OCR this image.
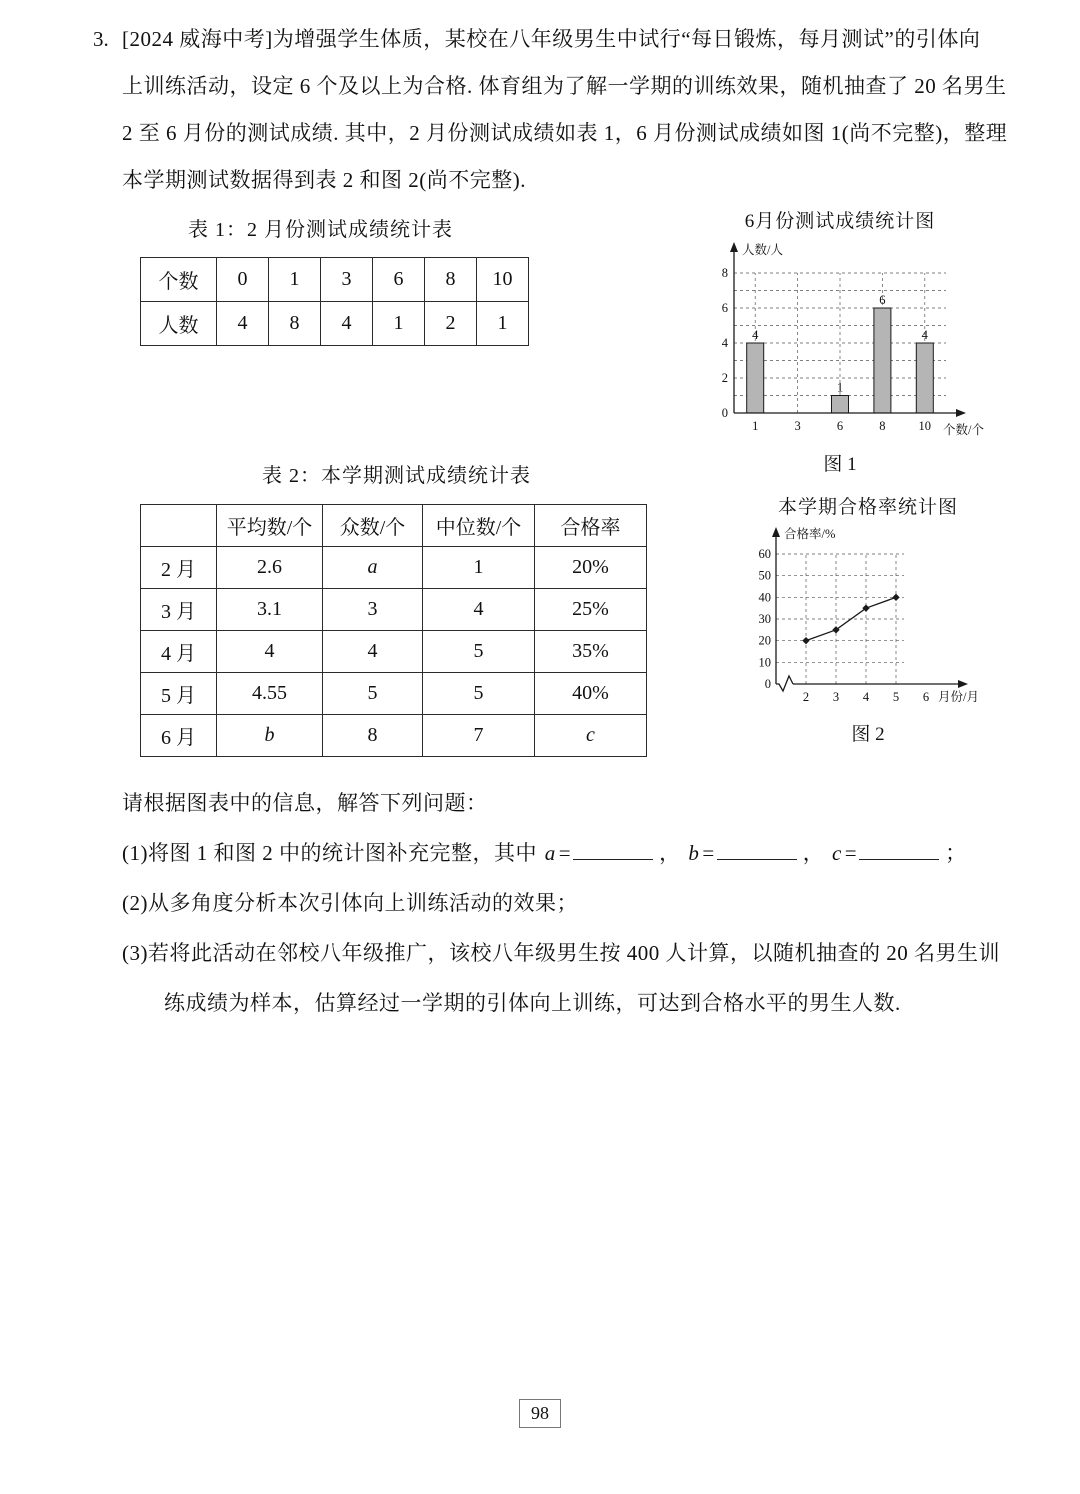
3. [2024 威海中考]为增强学生体质，某校在八年级男生中试行“每日锻炼，每月测试”的引体向
上训练活动，设定 6 个及以上为合格. 体育组为了解一学期的训练效果，随机抽查了 20 名男生
2 至 6 月份的测试成绩. 其中，2 月份测试成绩如表 1，6 月份测试成绩如图 1(尚不完整)，整理
本学期测试数据得到表 2 和图 2(尚不完整).
表 1：2 月份测试成绩统计表
个数	0	1	3	6	8	10
人数	4	8	4	1	2	1
6月份测试成绩统计图
4
1
6
4
0
2
4
6
8
1	3	6	8	10
人数/人
个数/个
图 1
表 2：本学期测试成绩统计表
	平均数/个	众数/个	中位数/个	合格率
2 月	2.6	a	1	20%
3 月	3.1	3	4	25%
4 月	4	4	5	35%
5 月	4.55	5	5	40%
6 月	b	8	7	c
本学期合格率统计图
0
10
20
30
40
50
60
2 3 4 5 6
合格率/%
月份/月
图 2
请根据图表中的信息，解答下列问题：
(1)将图 1 和图 2 中的统计图补充完整，其中 a =	， b =	， c =	；
(2)从多角度分析本次引体向上训练活动的效果；
(3)若将此活动在邻校八年级推广，该校八年级男生按 400 人计算，以随机抽查的 20 名男生训
练成绩为样本，估算经过一学期的引体向上训练，可达到合格水平的男生人数.
98
